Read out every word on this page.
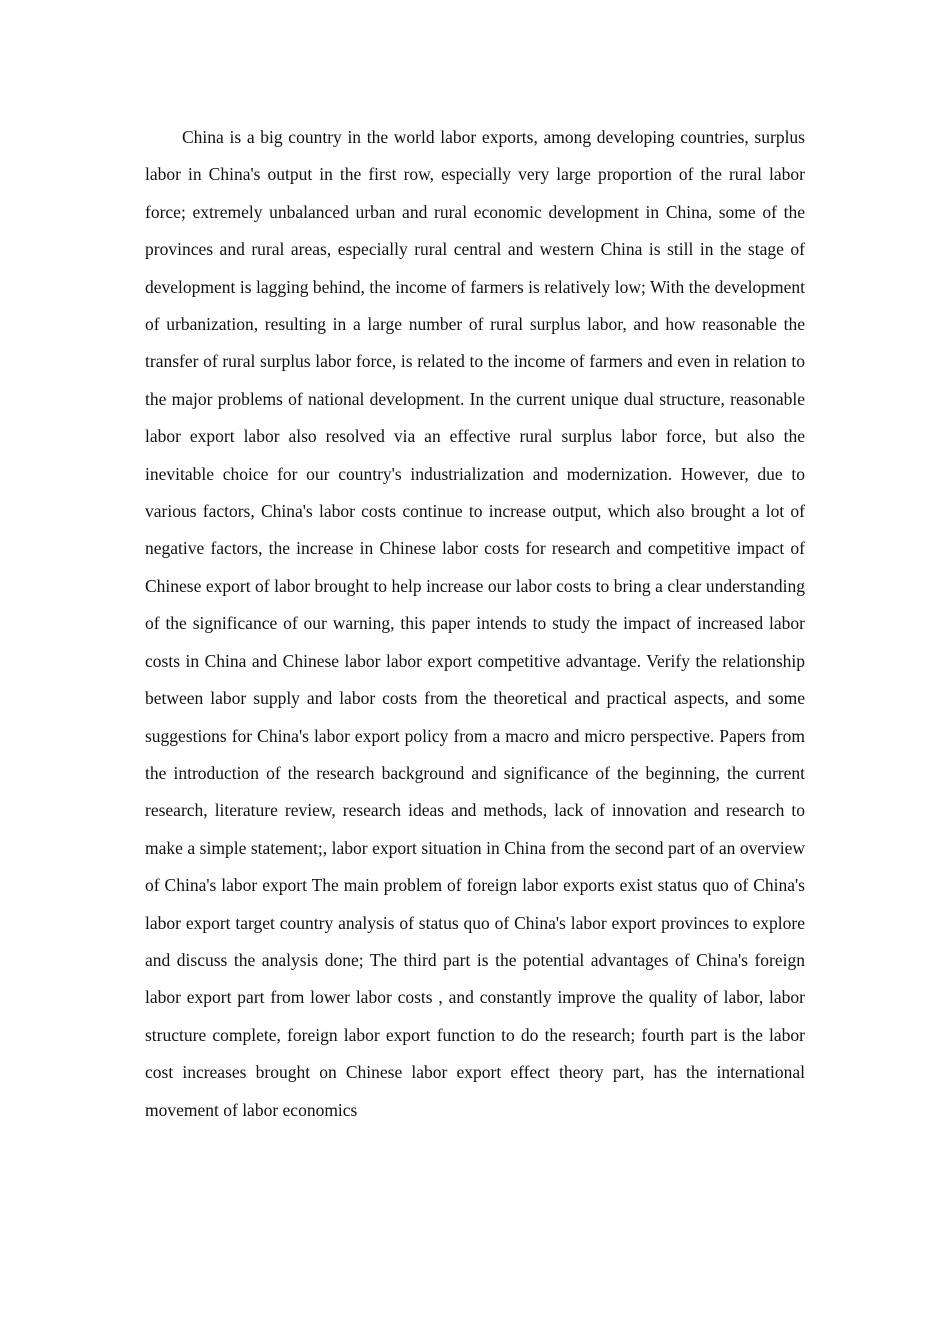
China is a big country in the world labor exports, among developing countries, surplus labor in China's output in the first row, especially very large proportion of the rural labor force; extremely unbalanced urban and rural economic development in China, some of the provinces and rural areas, especially rural central and western China is still in the stage of development is lagging behind, the income of farmers is relatively low; With the development of urbanization, resulting in a large number of rural surplus labor, and how reasonable the transfer of rural surplus labor force, is related to the income of farmers and even in relation to the major problems of national development. In the current unique dual structure, reasonable labor export labor also resolved via an effective rural surplus labor force, but also the inevitable choice for our country's industrialization and modernization. However, due to various factors, China's labor costs continue to increase output, which also brought a lot of negative factors, the increase in Chinese labor costs for research and competitive impact of Chinese export of labor brought to help increase our labor costs to bring a clear understanding of the significance of our warning, this paper intends to study the impact of increased labor costs in China and Chinese labor labor export competitive advantage. Verify the relationship between labor supply and labor costs from the theoretical and practical aspects, and some suggestions for China's labor export policy from a macro and micro perspective. Papers from the introduction of the research background and significance of the beginning, the current research, literature review, research ideas and methods, lack of innovation and research to make a simple statement;, labor export situation in China from the second part of an overview of China's labor export The main problem of foreign labor exports exist status quo of China's labor export target country analysis of status quo of China's labor export provinces to explore and discuss the analysis done; The third part is the potential advantages of China's foreign labor export part from lower labor costs , and constantly improve the quality of labor, labor structure complete, foreign labor export function to do the research; fourth part is the labor cost increases brought on Chinese labor export effect theory part, has the international movement of labor economics
